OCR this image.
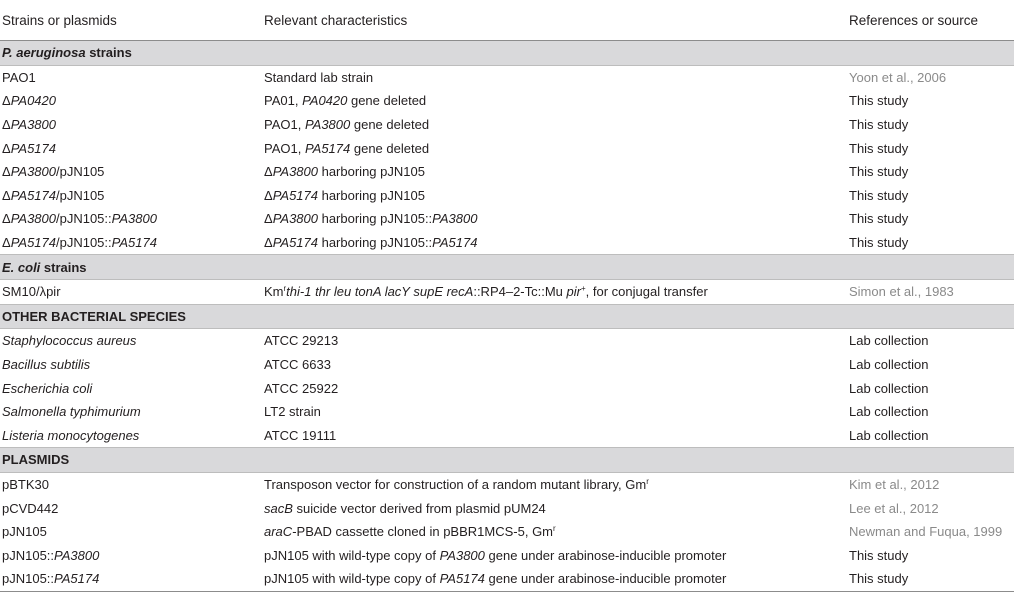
Strains or plasmids	Relevant characteristics	References or source
P. aeruginosa strains		
PAO1	Standard lab strain	Yoon et al., 2006
ΔPA0420	PA01, PA0420 gene deleted	This study
ΔPA3800	PAO1, PA3800 gene deleted	This study
ΔPA5174	PAO1, PA5174 gene deleted	This study
ΔPA3800/pJN105	ΔPA3800 harboring pJN105	This study
ΔPA5174/pJN105	ΔPA5174 harboring pJN105	This study
ΔPA3800/pJN105::PA3800	ΔPA3800 harboring pJN105::PA3800	This study
ΔPA5174/pJN105::PA5174	ΔPA5174 harboring pJN105::PA5174	This study
E. coli strains		
SM10/λpir	Km$^r$thi-1 thr leu tonA lacY supE recA::RP4–2-Tc::Mu pir+, for conjugal transfer	Simon et al., 1983
OTHER BACTERIAL SPECIES		
Staphylococcus aureus	ATCC 29213	Lab collection
Bacillus subtilis	ATCC 6633	Lab collection
Escherichia coli	ATCC 25922	Lab collection
Salmonella typhimurium	LT2 strain	Lab collection
Listeria monocytogenes	ATCC 19111	Lab collection
PLASMIDS		
pBTK30	Transposon vector for construction of a random mutant library, Gm$^r$	Kim et al., 2012
pCVD442	sacB suicide vector derived from plasmid pUM24	Lee et al., 2012
pJN105	araC-PBAD cassette cloned in pBBR1MCS-5, Gm$^r$	Newman and Fuqua, 1999
pJN105::PA3800	pJN105 with wild-type copy of PA3800 gene under arabinose-inducible promoter	This study
pJN105::PA5174	pJN105 with wild-type copy of PA5174 gene under arabinose-inducible promoter	This study
